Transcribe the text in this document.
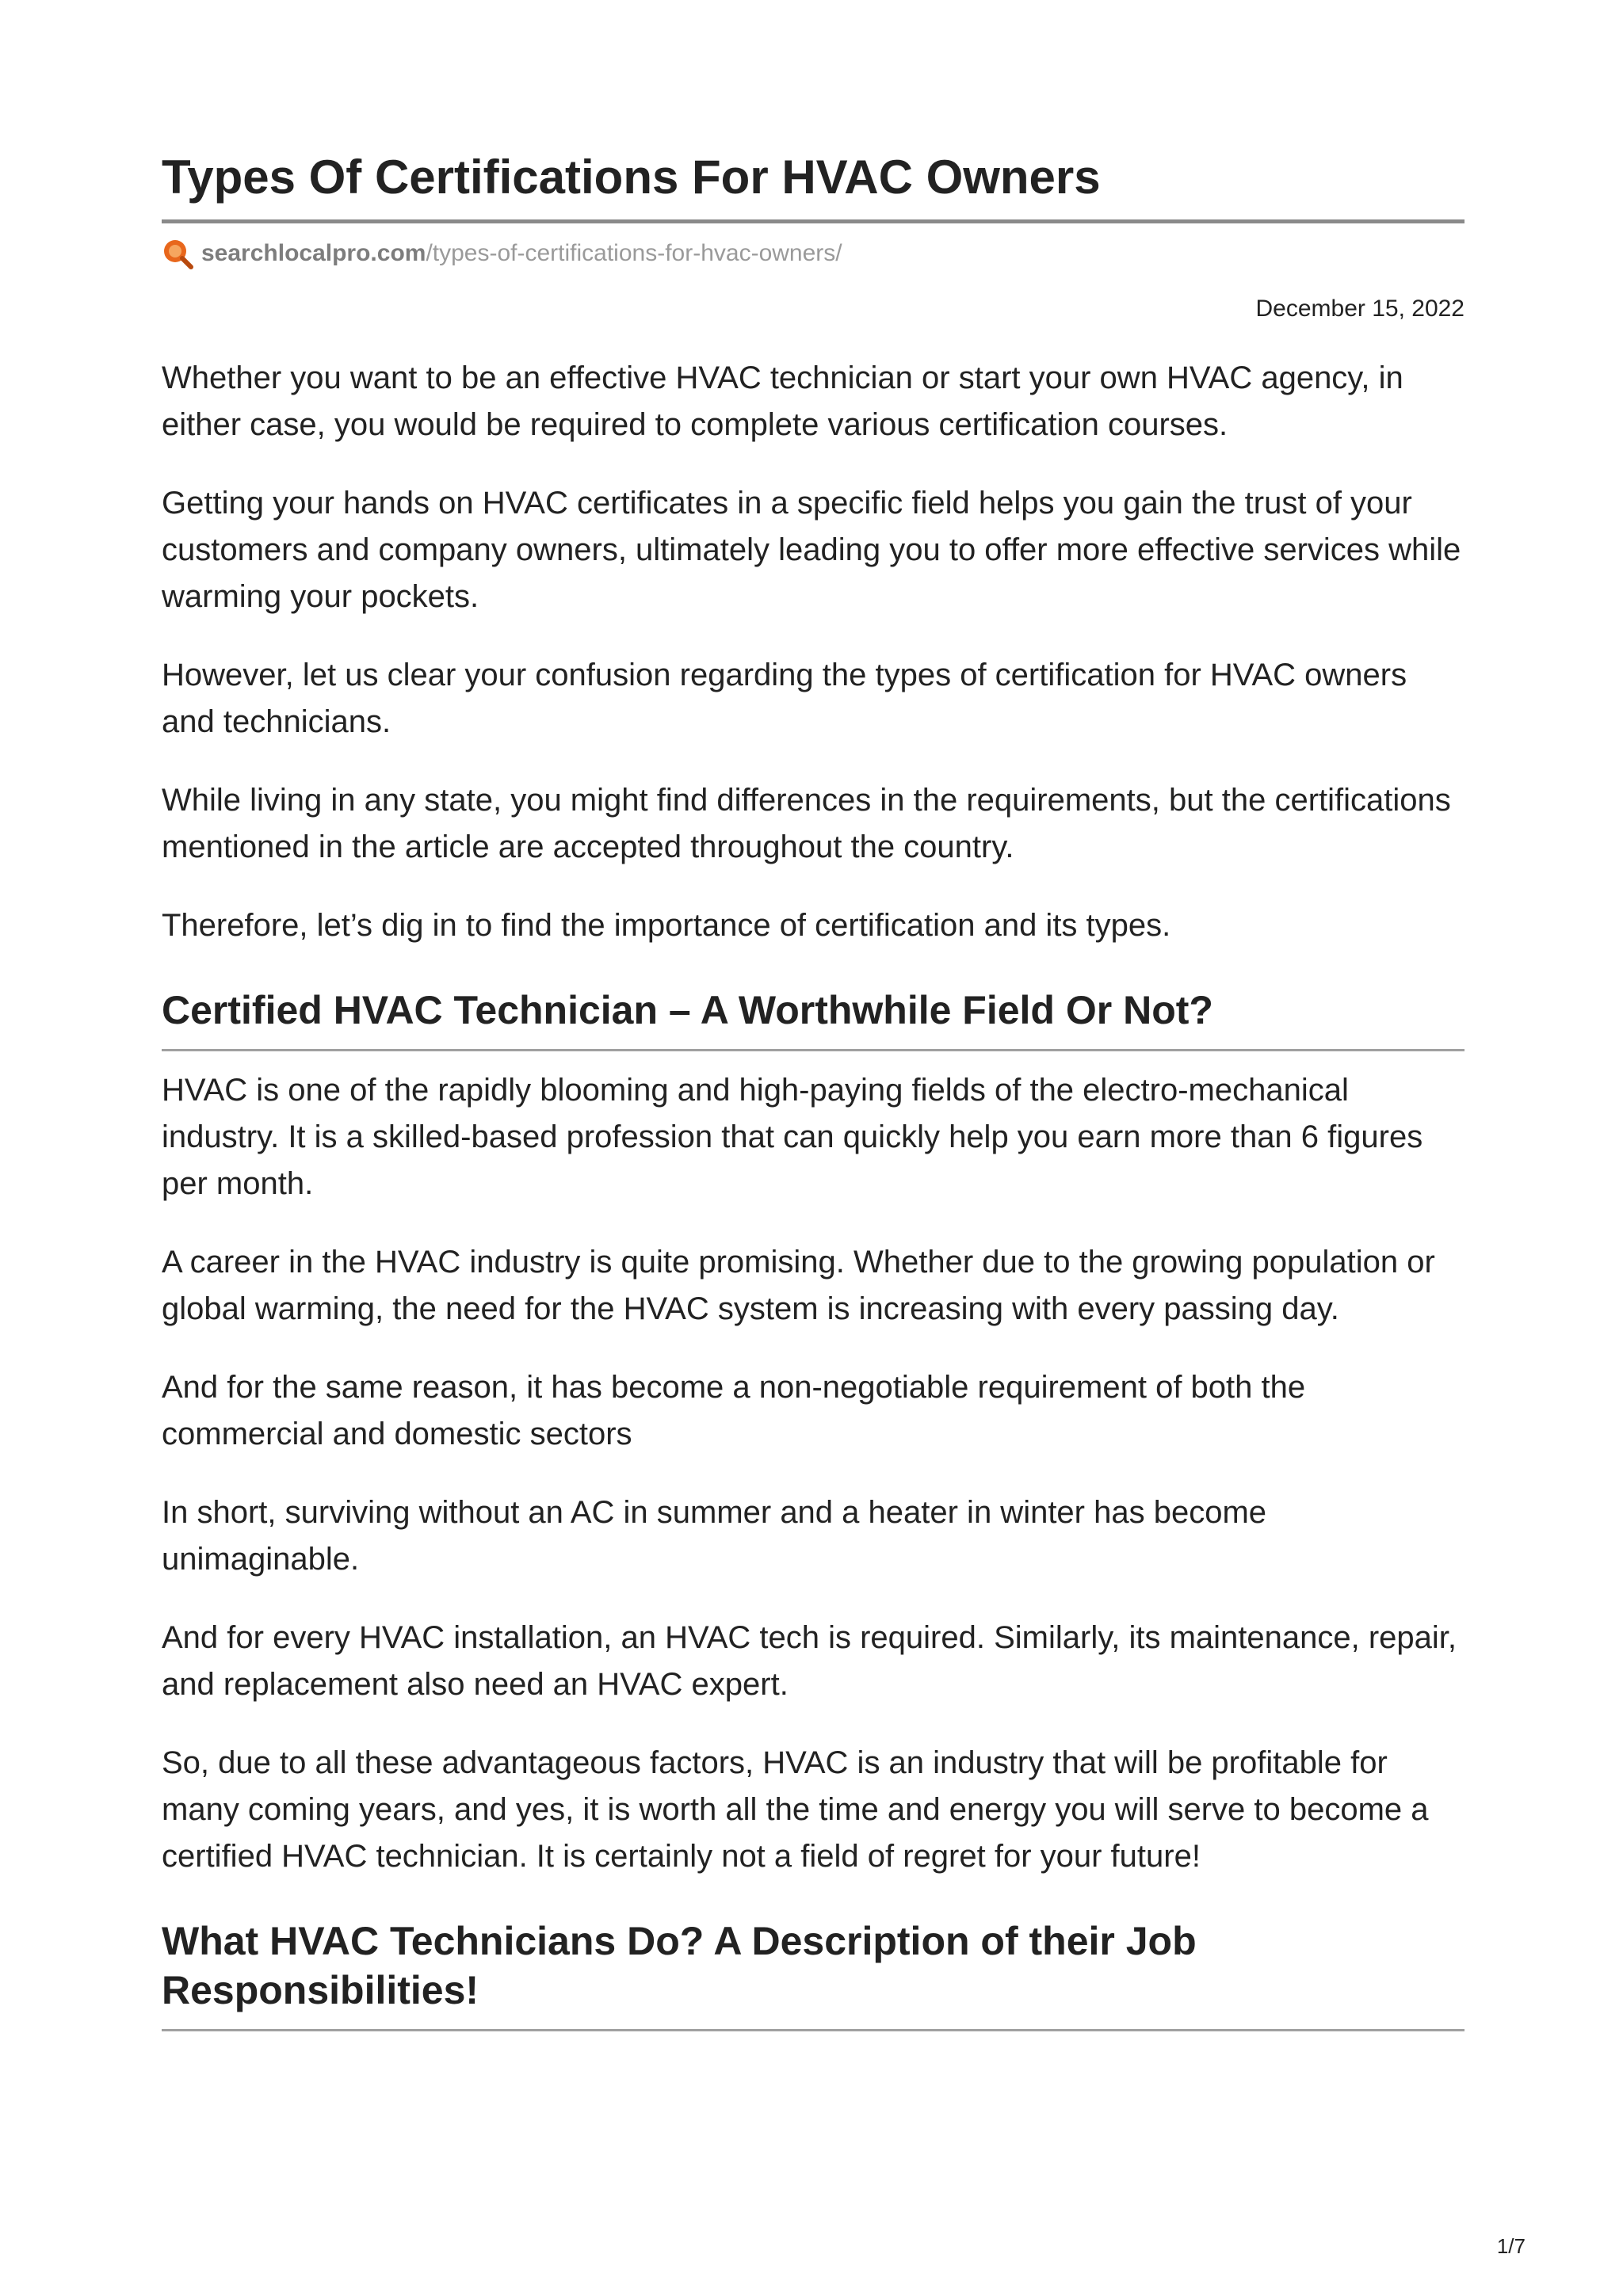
Types Of Certifications For HVAC Owners
searchlocalpro.com/types-of-certifications-for-hvac-owners/
December 15, 2022

Whether you want to be an effective HVAC technician or start your own HVAC agency, in either case, you would be required to complete various certification courses.

Getting your hands on HVAC certificates in a specific field helps you gain the trust of your customers and company owners, ultimately leading you to offer more effective services while warming your pockets.

However, let us clear your confusion regarding the types of certification for HVAC owners and technicians.

While living in any state, you might find differences in the requirements, but the certifications mentioned in the article are accepted throughout the country.

Therefore, let’s dig in to find the importance of certification and its types.

Certified HVAC Technician – A Worthwhile Field Or Not?

HVAC is one of the rapidly blooming and high-paying fields of the electro-mechanical industry. It is a skilled-based profession that can quickly help you earn more than 6 figures per month.

A career in the HVAC industry is quite promising. Whether due to the growing population or global warming, the need for the HVAC system is increasing with every passing day.

And for the same reason, it has become a non-negotiable requirement of both the commercial and domestic sectors

In short, surviving without an AC in summer and a heater in winter has become unimaginable.

And for every HVAC installation, an HVAC tech is required. Similarly, its maintenance, repair, and replacement also need an HVAC expert.

So, due to all these advantageous factors, HVAC is an industry that will be profitable for many coming years, and yes, it is worth all the time and energy you will serve to become a certified HVAC technician. It is certainly not a field of regret for your future!

What HVAC Technicians Do? A Description of their Job Responsibilities!
1/7
